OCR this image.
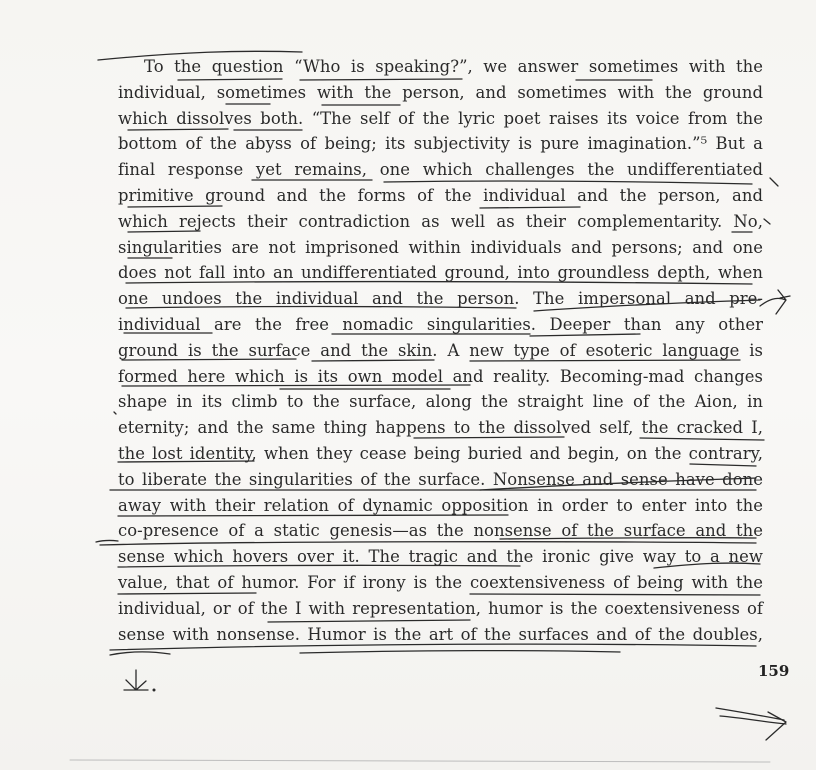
To the question “Who is speaking?”, we answer sometimes with the
individual, sometimes with the person, and sometimes with the ground
which dissolves both. “The self of the lyric poet raises its voice from the
bottom of the abyss of being; its subjectivity is pure imagination.”⁵ But a
final response yet remains, one which challenges the undifferentiated
primitive ground and the forms of the individual and the person, and
which rejects their contradiction as well as their complementarity. No,
singularities are not imprisoned within individuals and persons; and one
does not fall into an undifferentiated ground, into groundless depth, when
one undoes the individual and the person. The impersonal and pre-
individual are the free nomadic singularities. Deeper than any other
ground is the surface and the skin. A new type of esoteric language is
formed here which is its own model and reality. Becoming-mad changes
shape in its climb to the surface, along the straight line of the Aion, in
eternity; and the same thing happens to the dissolved self, the cracked I,
the lost identity, when they cease being buried and begin, on the contrary,
to liberate the singularities of the surface. Nonsense and sense have done
away with their relation of dynamic opposition in order to enter into the
co-presence of a static genesis—as the nonsense of the surface and the
sense which hovers over it. The tragic and the ironic give way to a new
value, that of humor. For if irony is the coextensiveness of being with the
individual, or of the I with representation, humor is the coextensiveness of
sense with nonsense. Humor is the art of the surfaces and of the doubles,
159
